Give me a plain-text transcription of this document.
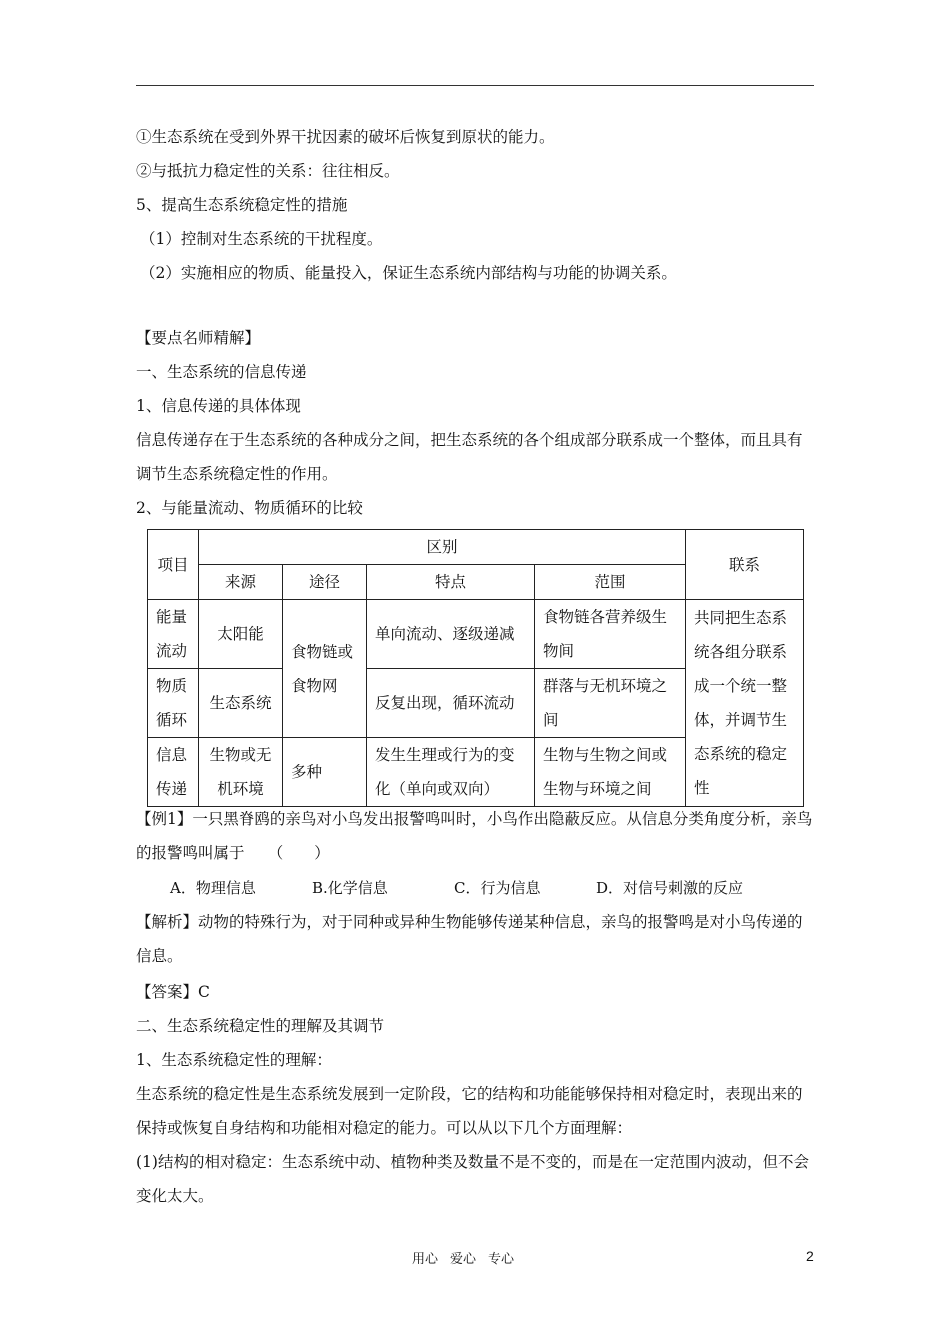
①生态系统在受到外界干扰因素的破坏后恢复到原状的能力。
②与抵抗力稳定性的关系：往往相反。
5、提高生态系统稳定性的措施
（1）控制对生态系统的干扰程度。
（2）实施相应的物质、能量投入，保证生态系统内部结构与功能的协调关系。
【要点名师精解】
一、生态系统的信息传递
1、信息传递的具体体现
信息传递存在于生态系统的各种成分之间，把生态系统的各个组成部分联系成一个整体，而且具有调节生态系统稳定性的作用。
2、与能量流动、物质循环的比较
项目	区别				联系
	来源	途径	特点	范围	
能量流动	太阳能	食物链或食物网	单向流动、逐级递减	食物链各营养级生物间	共同把生态系统各组分联系成一个统一整体，并调节生态系统的稳定性
物质循环	生态系统		反复出现，循环流动	群落与无机环境之间	
信息传递	生物或无机环境	多种	发生生理或行为的变化（单向或双向）	生物与生物之间或生物与环境之间	
【例1】一只黑脊鸥的亲鸟对小鸟发出报警鸣叫时，小鸟作出隐蔽反应。从信息分类角度分析，亲鸟的报警鸣叫属于　　（　　）
A．物理信息	B.化学信息	C．行为信息	D．对信号刺激的反应
【解析】动物的特殊行为，对于同种或异种生物能够传递某种信息，亲鸟的报警鸣是对小鸟传递的信息。
【答案】C
二、生态系统稳定性的理解及其调节
1、生态系统稳定性的理解：
生态系统的稳定性是生态系统发展到一定阶段，它的结构和功能能够保持相对稳定时，表现出来的保持或恢复自身结构和功能相对稳定的能力。可以从以下几个方面理解：
(1)结构的相对稳定：生态系统中动、植物种类及数量不是不变的，而是在一定范围内波动，但不会变化太大。
用心 爱心 专心	2
